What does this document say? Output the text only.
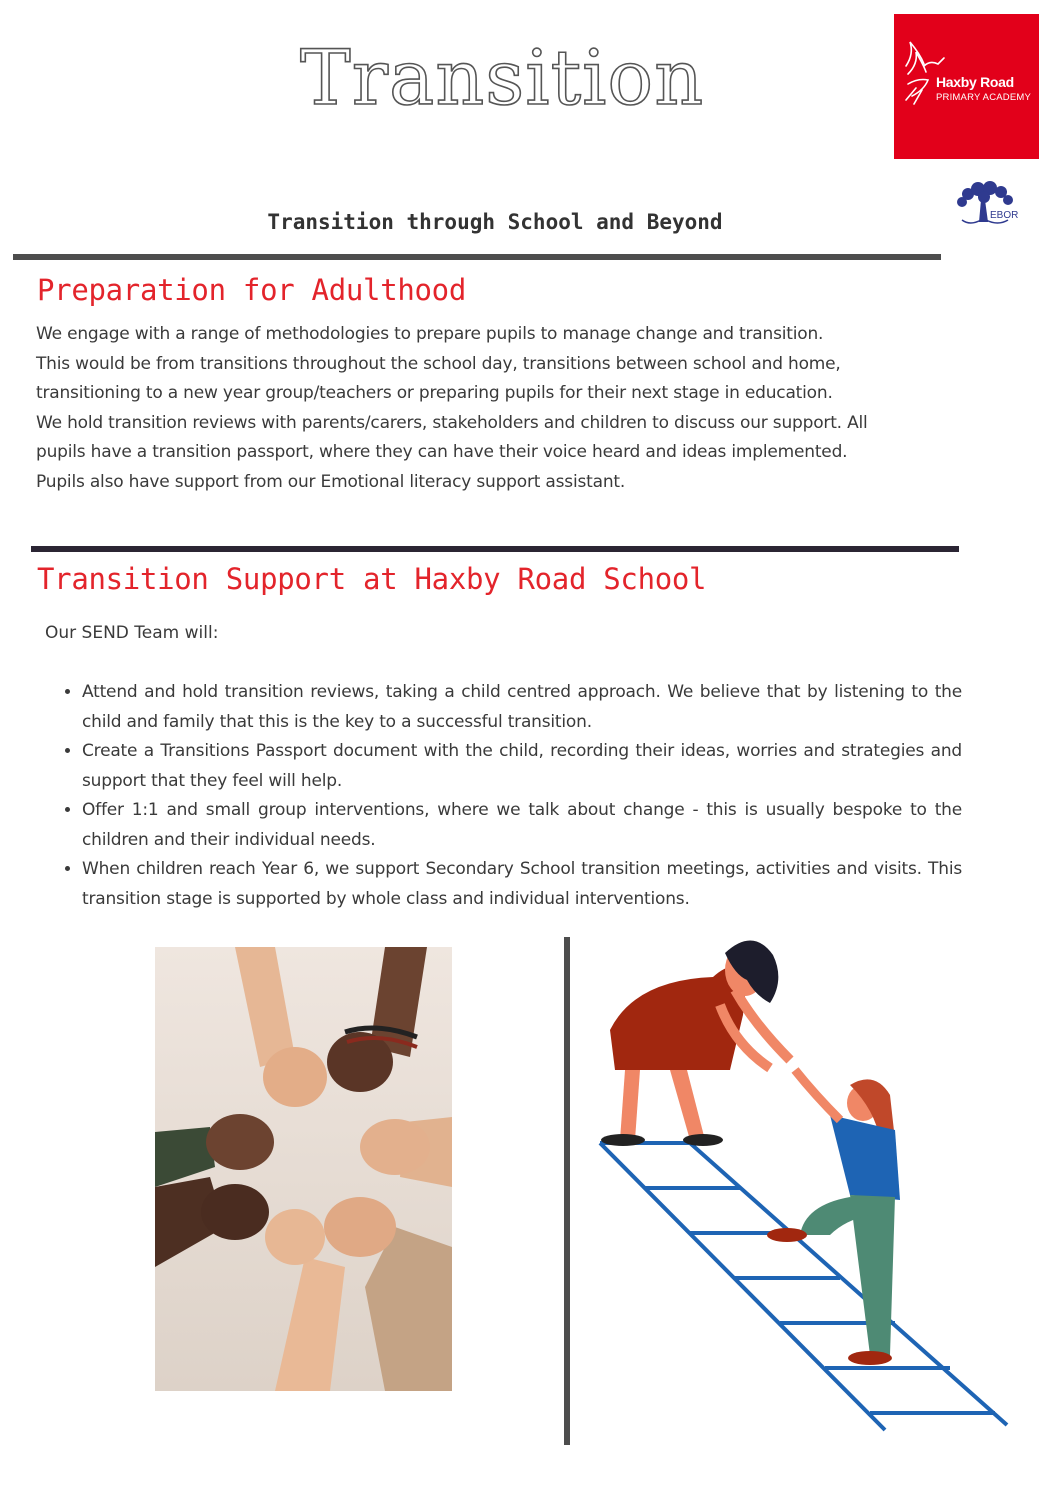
Transition	Haxby Road
PRIMARY ACADEMY
EBOR
Transition through School and Beyond
Preparation for Adulthood

We engage with a range of methodologies to prepare pupils to manage change and transition.

This would be from transitions throughout the school day, transitions between school and home,

transitioning to a new year group/teachers or preparing pupils for their next stage in education.

We hold transition reviews with parents/carers, stakeholders and children to discuss our support. All

pupils have a transition passport, where they can have their voice heard and ideas implemented.

Pupils also have support from our Emotional literacy support assistant.

Transition Support at Haxby Road School
Our SEND Team will:
• Attend and hold transition reviews, taking a child centred approach. We believe that by listening to the child and family that this is the key to a successful transition.
• Create a Transitions Passport document with the child, recording their ideas, worries and strategies and support that they feel will help.
• Offer 1:1 and small group interventions, where we talk about change - this is usually bespoke to the children and their individual needs.
• When children reach Year 6, we support Secondary School transition meetings, activities and visits. This transition stage is supported by whole class and individual interventions.
